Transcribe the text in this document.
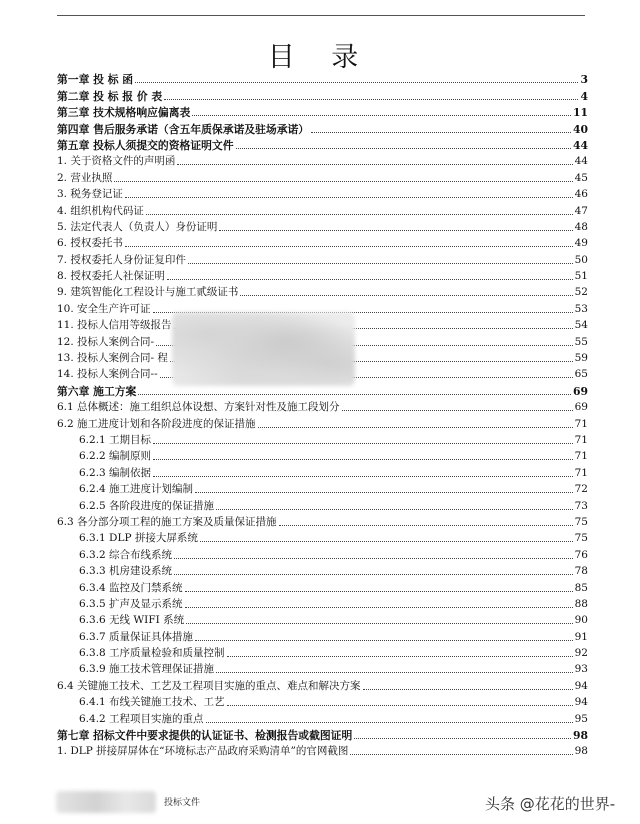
目 录
第一章 投 标 函	3
第二章 投 标 报 价 表	4
第三章 技术规格响应偏离表	11
第四章 售后服务承诺（含五年质保承诺及驻场承诺）	40
第五章 投标人须提交的资格证明文件	44
1. 关于资格文件的声明函	44
2. 营业执照	45
3. 税务登记证	46
4. 组织机构代码证	47
5. 法定代表人（负责人）身份证明	48
6. 授权委托书	49
7. 授权委托人身份证复印件	50
8. 授权委托人社保证明	51
9. 建筑智能化工程设计与施工贰级证书	52
10. 安全生产许可证	53
11. 投标人信用等级报告	54
12. 投标人案例合同-	55
13. 投标人案例合同- 程	59
14. 投标人案例合同--	65
第六章 施工方案	69
6.1 总体概述：施工组织总体设想、方案针对性及施工段划分	69
6.2 施工进度计划和各阶段进度的保证措施	71
6.2.1 工期目标	71
6.2.2 编制原则	71
6.2.3 编制依据	71
6.2.4 施工进度计划编制	72
6.2.5 各阶段进度的保证措施	73
6.3 各分部分项工程的施工方案及质量保证措施	75
6.3.1 DLP 拼接大屏系统	75
6.3.2 综合布线系统	76
6.3.3 机房建设系统	78
6.3.4 监控及门禁系统	85
6.3.5 扩声及显示系统	88
6.3.6 无线 WIFI 系统	90
6.3.7 质量保证具体措施	91
6.3.8 工序质量检验和质量控制	92
6.3.9 施工技术管理保证措施	93
6.4 关键施工技术、工艺及工程项目实施的重点、难点和解决方案	94
6.4.1 布线关键施工技术、工艺	94
6.4.2 工程项目实施的重点	95
第七章 招标文件中要求提供的认证证书、检测报告或截图证明	98
1. DLP 拼接屏屏体在“环境标志产品政府采购清单”的官网截图	98
投标文件	头条 @花花的世界-
